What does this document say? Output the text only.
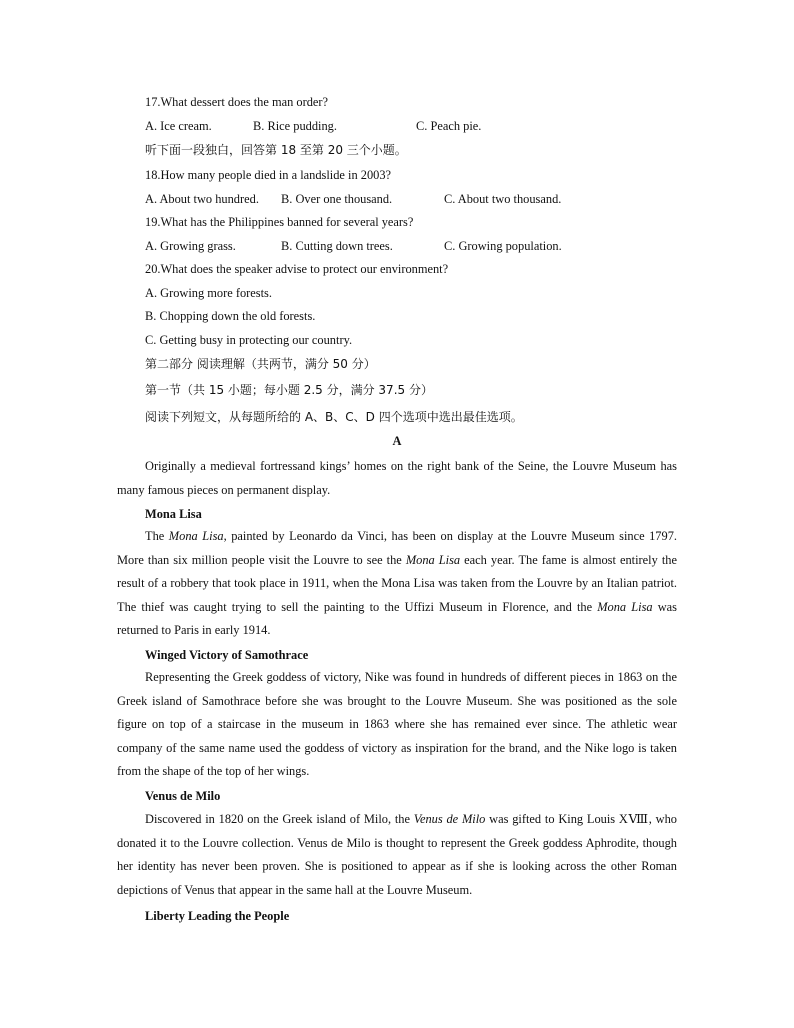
17.What dessert does the man order?
A. Ice cream.	B. Rice pudding.	C. Peach pie.
听下面一段独白，回答第 18 至第 20 三个小题。
18.How many people died in a landslide in 2003?
A. About two hundred. B. Over one thousand.	C. About two thousand.
19.What has the Philippines banned for several years?
A. Growing grass.	B. Cutting down trees.	C. Growing population.
20.What does the speaker advise to protect our environment?
A. Growing more forests.
B. Chopping down the old forests.
C. Getting busy in protecting our country.
第二部分 阅读理解（共两节，满分 50 分）
第一节（共 15 小题；每小题 2.5 分，满分 37.5 分）
阅读下列短文，从每题所给的 A、B、C、D 四个选项中选出最佳选项。
A

Originally a medieval fortressand kings’ homes on the right bank of the Seine, the Louvre Museum has many famous pieces on permanent display.

Mona Lisa

The Mona Lisa, painted by Leonardo da Vinci, has been on display at the Louvre Museum since 1797. More than six million people visit the Louvre to see the Mona Lisa each year. The fame is almost entirely the result of a robbery that took place in 1911, when the Mona Lisa was taken from the Louvre by an Italian patriot. The thief was caught trying to sell the painting to the Uffizi Museum in Florence, and the Mona Lisa was returned to Paris in early 1914.

Winged Victory of Samothrace

Representing the Greek goddess of victory, Nike was found in hundreds of different pieces in 1863 on the Greek island of Samothrace before she was brought to the Louvre Museum. She was positioned as the sole figure on top of a staircase in the museum in 1863 where she has remained ever since. The athletic wear company of the same name used the goddess of victory as inspiration for the brand, and the Nike logo is taken from the shape of the top of her wings.

Venus de Milo

Discovered in 1820 on the Greek island of Milo, the Venus de Milo was gifted to King Louis XⅧ, who donated it to the Louvre collection. Venus de Milo is thought to represent the Greek goddess Aphrodite, though her identity has never been proven. She is positioned to appear as if she is looking across the other Roman depictions of Venus that appear in the same hall at the Louvre Museum.

Liberty Leading the People
